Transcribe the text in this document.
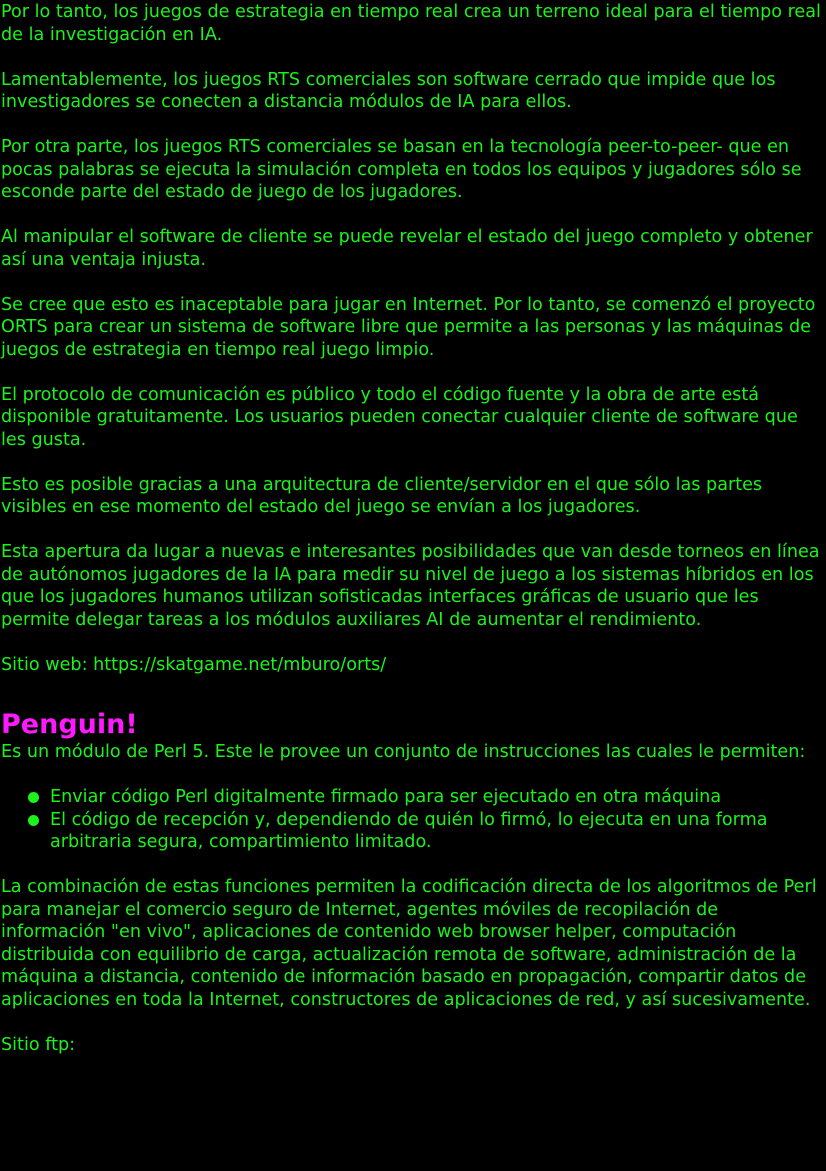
Por lo tanto, los juegos de estrategia en tiempo real crea un terreno ideal para el tiempo real de la investigación en IA.

Lamentablemente, los juegos RTS comerciales son software cerrado que impide que los investigadores se conecten a distancia módulos de IA para ellos.

Por otra parte, los juegos RTS comerciales se basan en la tecnología peer-to-peer- que en pocas palabras se ejecuta la simulación completa en todos los equipos y jugadores sólo se esconde parte del estado de juego de los jugadores.

Al manipular el software de cliente se puede revelar el estado del juego completo y obtener así una ventaja injusta.

Se cree que esto es inaceptable para jugar en Internet. Por lo tanto, se comenzó el proyecto ORTS para crear un sistema de software libre que permite a las personas y las máquinas de juegos de estrategia en tiempo real juego limpio.

El protocolo de comunicación es público y todo el código fuente y la obra de arte está disponible gratuitamente. Los usuarios pueden conectar cualquier cliente de software que les gusta.

Esto es posible gracias a una arquitectura de cliente/servidor en el que sólo las partes visibles en ese momento del estado del juego se envían a los jugadores.

Esta apertura da lugar a nuevas e interesantes posibilidades que van desde torneos en línea de autónomos jugadores de la IA para medir su nivel de juego a los sistemas híbridos en los que los jugadores humanos utilizan sofisticadas interfaces gráficas de usuario que les permite delegar tareas a los módulos auxiliares AI de aumentar el rendimiento.

Sitio web: https://skatgame.net/mburo/orts/

Penguin!

Es un módulo de Perl 5. Este le provee un conjunto de instrucciones las cuales le permiten:

Enviar código Perl digitalmente firmado para ser ejecutado en otra máquina
El código de recepción y, dependiendo de quién lo firmó, lo ejecuta en una forma arbitraria segura, compartimiento limitado.

La combinación de estas funciones permiten la codificación directa de los algoritmos de Perl para manejar el comercio seguro de Internet, agentes móviles de recopilación de información "en vivo", aplicaciones de contenido web browser helper, computación distribuida con equilibrio de carga, actualización remota de software, administración de la máquina a distancia, contenido de información basado en propagación, compartir datos de aplicaciones en toda la Internet, constructores de aplicaciones de red, y así sucesivamente.

Sitio ftp:
